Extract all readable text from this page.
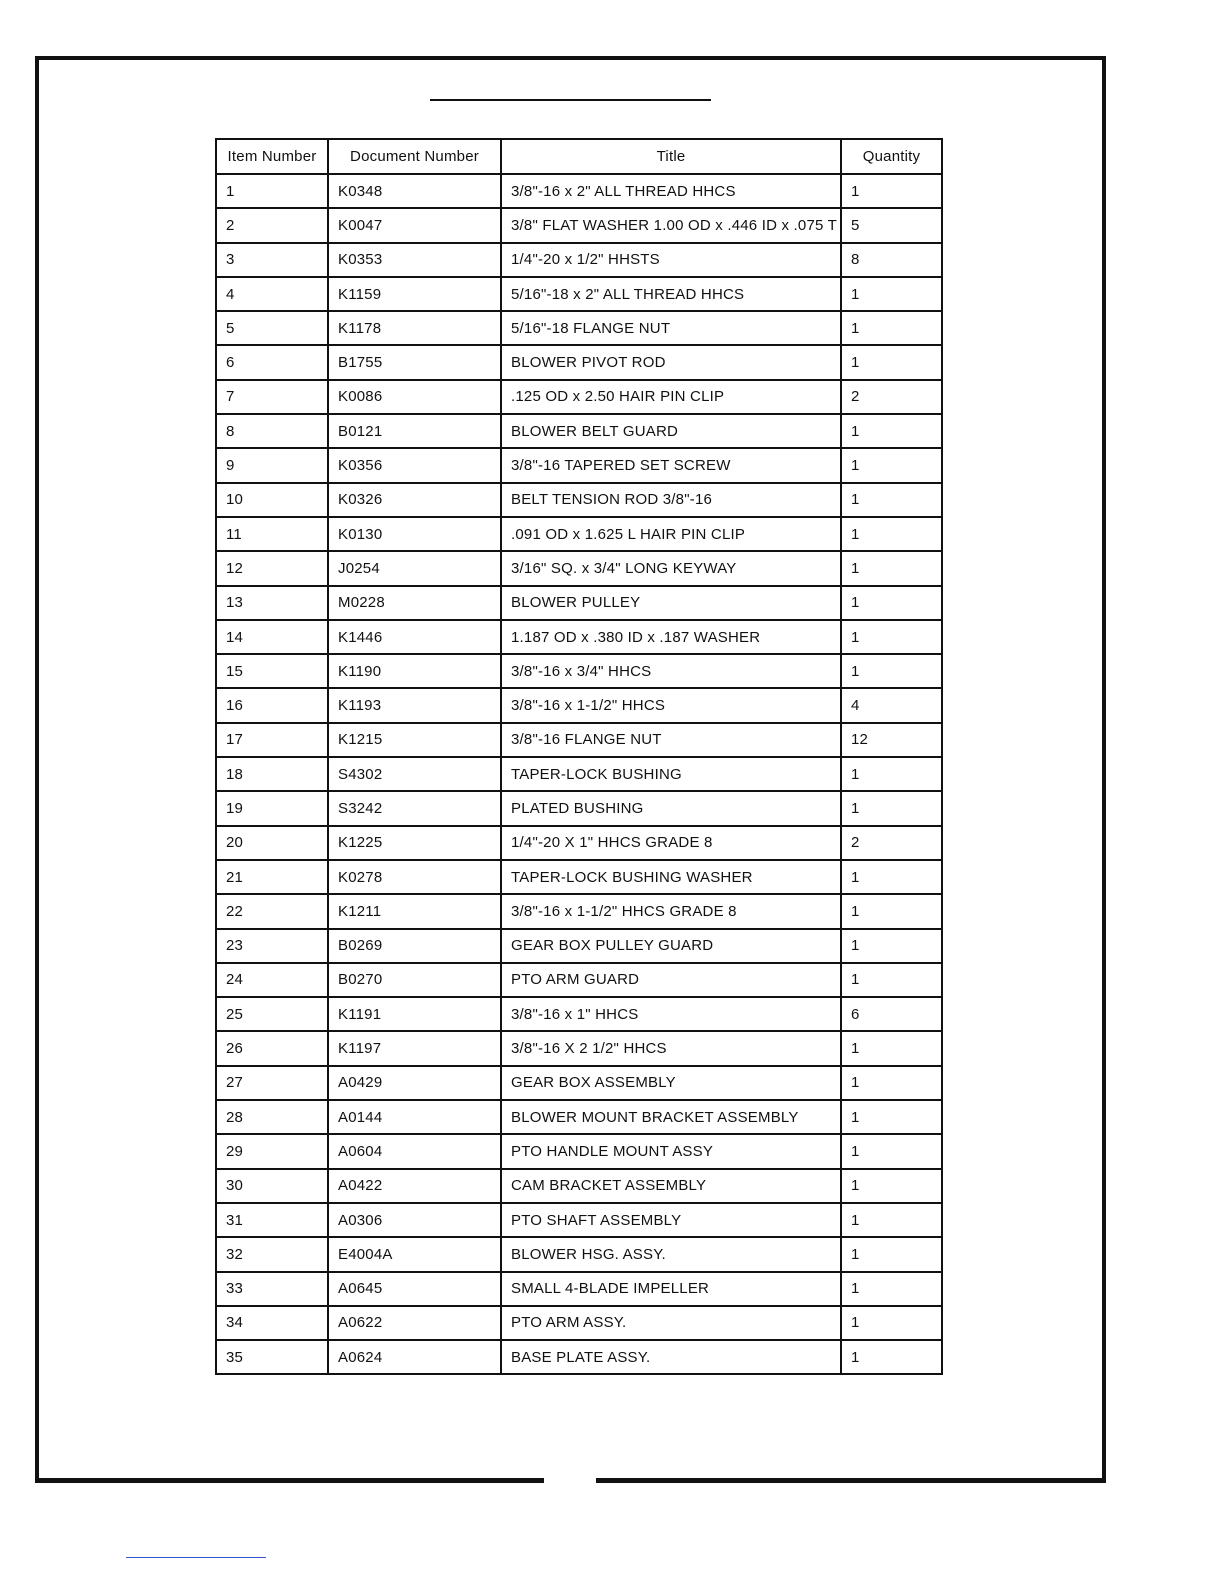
Item Number	Document Number	Title	Quantity
1	K0348	3/8"-16 x 2" ALL THREAD HHCS	1
2	K0047	3/8" FLAT WASHER 1.00 OD x .446 ID x .075 T	5
3	K0353	1/4"-20 x 1/2" HHSTS	8
4	K1159	5/16"-18 x 2" ALL THREAD HHCS	1
5	K1178	5/16"-18 FLANGE NUT	1
6	B1755	BLOWER PIVOT ROD	1
7	K0086	.125 OD x 2.50 HAIR PIN CLIP	2
8	B0121	BLOWER BELT GUARD	1
9	K0356	3/8"-16 TAPERED SET SCREW	1
10	K0326	BELT TENSION ROD 3/8"-16	1
11	K0130	.091 OD x 1.625 L HAIR PIN CLIP	1
12	J0254	3/16" SQ. x 3/4" LONG KEYWAY	1
13	M0228	BLOWER PULLEY	1
14	K1446	1.187 OD x .380 ID x .187 WASHER	1
15	K1190	3/8"-16 x 3/4" HHCS	1
16	K1193	3/8"-16 x 1-1/2" HHCS	4
17	K1215	3/8"-16 FLANGE NUT	12
18	S4302	TAPER-LOCK BUSHING	1
19	S3242	PLATED BUSHING	1
20	K1225	1/4"-20 X 1" HHCS GRADE 8	2
21	K0278	TAPER-LOCK BUSHING WASHER	1
22	K1211	3/8"-16 x 1-1/2" HHCS GRADE 8	1
23	B0269	GEAR BOX PULLEY GUARD	1
24	B0270	PTO ARM GUARD	1
25	K1191	3/8"-16 x 1" HHCS	6
26	K1197	3/8"-16 X 2 1/2" HHCS	1
27	A0429	GEAR BOX ASSEMBLY	1
28	A0144	BLOWER MOUNT BRACKET ASSEMBLY	1
29	A0604	PTO HANDLE MOUNT ASSY	1
30	A0422	CAM BRACKET ASSEMBLY	1
31	A0306	PTO SHAFT ASSEMBLY	1
32	E4004A	BLOWER HSG. ASSY.	1
33	A0645	SMALL 4-BLADE IMPELLER	1
34	A0622	PTO ARM ASSY.	1
35	A0624	BASE PLATE ASSY.	1
